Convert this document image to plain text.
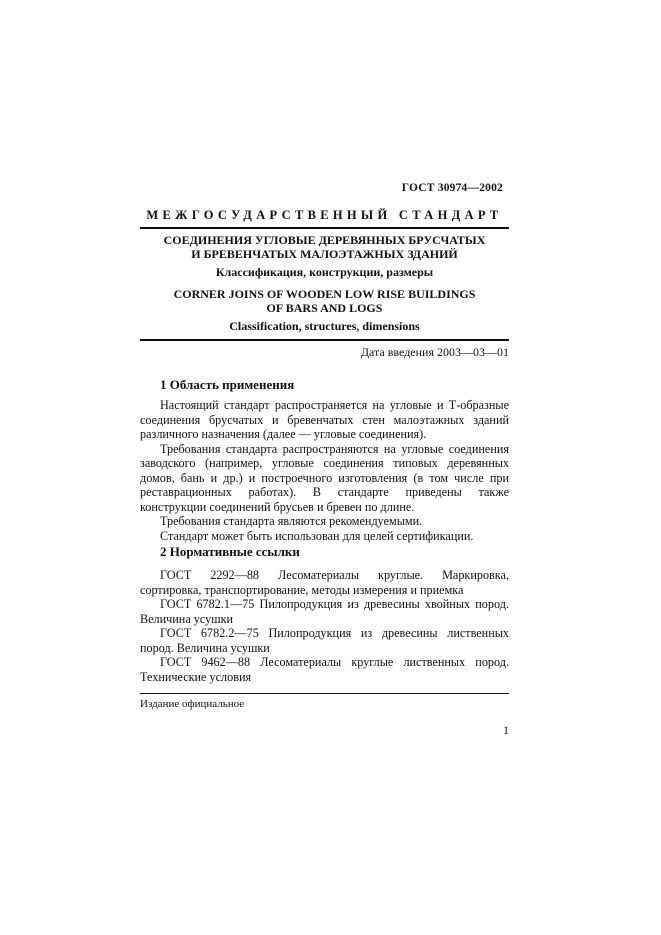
ГОСТ 30974—2002
МЕЖГОСУДАРСТВЕННЫЙ СТАНДАРТ
СОЕДИНЕНИЯ УГЛОВЫЕ ДЕРЕВЯННЫХ БРУСЧАТЫХ
И БРЕВЕНЧАТЫХ МАЛОЭТАЖНЫХ ЗДАНИЙ
Классификация, конструкции, размеры
CORNER JOINS OF WOODEN LOW RISE BUILDINGS
OF BARS AND LOGS
Classification, structures, dimensions
Дата введения 2003—03—01
1 Область применения

Настоящий стандарт распространяется на угловые и Т-образные соединения брусчатых и бревенчатых стен малоэтажных зданий различного назначения (далее — угловые соединения).

Требования стандарта распространяются на угловые соединения заводского (например, угловые соединения типовых деревянных домов, бань и др.) и построечного изготовления (в том числе при реставрационных работах). В стандарте приведены также конструкции соединений брусьев и бревен по длине.

Требования стандарта являются рекомендуемыми.

Стандарт может быть использован для целей сертификации.

2 Нормативные ссылки

ГОСТ 2292—88 Лесоматериалы круглые. Маркировка, сортировка, транспортирование, методы измерения и приемка

ГОСТ 6782.1—75 Пилопродукция из древесины хвойных пород. Величина усушки

ГОСТ 6782.2—75 Пилопродукция из древесины лиственных пород. Величина усушки

ГОСТ 9462—88 Лесоматериалы круглые лиственных пород. Технические условия

Издание официальное
1
